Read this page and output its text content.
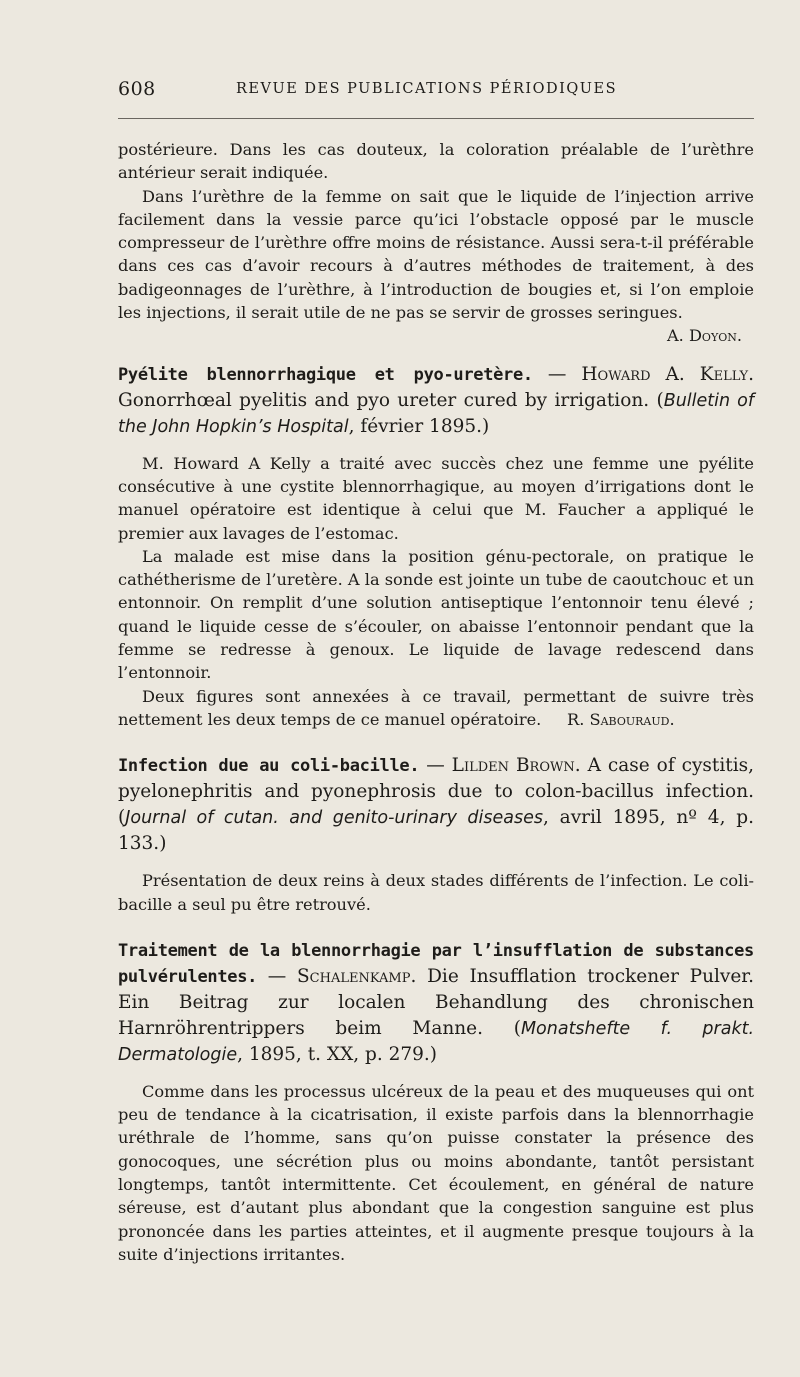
608	REVUE DES PUBLICATIONS PÉRIODIQUES

postérieure. Dans les cas douteux, la coloration préalable de l’urèthre antérieur serait indiquée.

Dans l’urèthre de la femme on sait que le liquide de l’injection arrive facilement dans la vessie parce qu’ici l’obstacle opposé par le muscle compresseur de l’urèthre offre moins de résistance. Aussi sera-t-il préférable dans ces cas d’avoir recours à d’autres méthodes de traitement, à des badigeonnages de l’urèthre, à l’introduction de bougies et, si l’on emploie les injections, il serait utile de ne pas se servir de grosses seringues.

A. Doyon.

Pyélite blennorrhagique et pyo-uretère. — Howard A. Kelly. Gonorrhœal pyelitis and pyo ureter cured by irrigation. (Bulletin of the John Hopkin’s Hospital, février 1895.)

M. Howard A Kelly a traité avec succès chez une femme une pyélite consécutive à une cystite blennorrhagique, au moyen d’irrigations dont le manuel opératoire est identique à celui que M. Faucher a appliqué le premier aux lavages de l’estomac.

La malade est mise dans la position génu-pectorale, on pratique le cathétherisme de l’uretère. A la sonde est jointe un tube de caoutchouc et un entonnoir. On remplit d’une solution antiseptique l’entonnoir tenu élevé ; quand le liquide cesse de s’écouler, on abaisse l’entonnoir pendant que la femme se redresse à genoux. Le liquide de lavage redescend dans l’entonnoir.

Deux figures sont annexées à ce travail, permettant de suivre très nettement les deux temps de ce manuel opératoire. R. Sabouraud.

Infection due au coli-bacille. — Lilden Brown. A case of cystitis, pyelonephritis and pyonephrosis due to colon-bacillus infection. (Journal of cutan. and genito-urinary diseases, avril 1895, nº 4, p. 133.)

Présentation de deux reins à deux stades différents de l’infection. Le coli-bacille a seul pu être retrouvé.

Traitement de la blennorrhagie par l’insufflation de substances pulvérulentes. — Schalenkamp. Die Insufflation trockener Pulver. Ein Beitrag zur localen Behandlung des chronischen Harnröhrentrippers beim Manne. (Monatshefte f. prakt. Dermatologie, 1895, t. XX, p. 279.)

Comme dans les processus ulcéreux de la peau et des muqueuses qui ont peu de tendance à la cicatrisation, il existe parfois dans la blennorrhagie uréthrale de l’homme, sans qu’on puisse constater la présence des gonocoques, une sécrétion plus ou moins abondante, tantôt persistant longtemps, tantôt intermittente. Cet écoulement, en général de nature séreuse, est d’autant plus abondant que la congestion sanguine est plus prononcée dans les parties atteintes, et il augmente presque toujours à la suite d’injections irritantes.
